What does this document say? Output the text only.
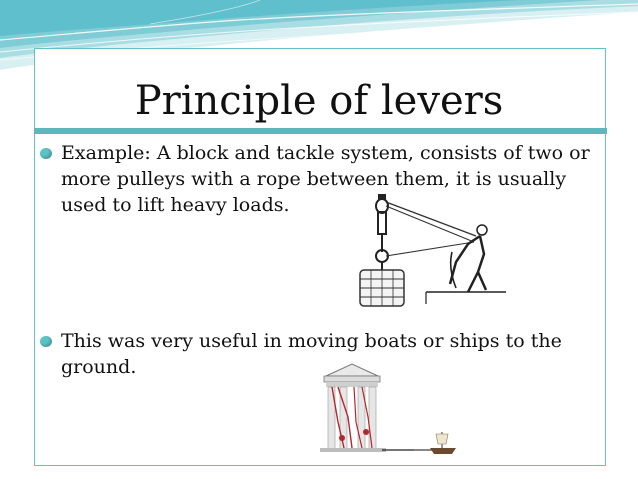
Principle of levers
Example: A block and tackle system, consists of two or more pulleys with a rope between them, it is usually used to lift heavy loads.
This was very useful in moving boats or ships to the ground.
